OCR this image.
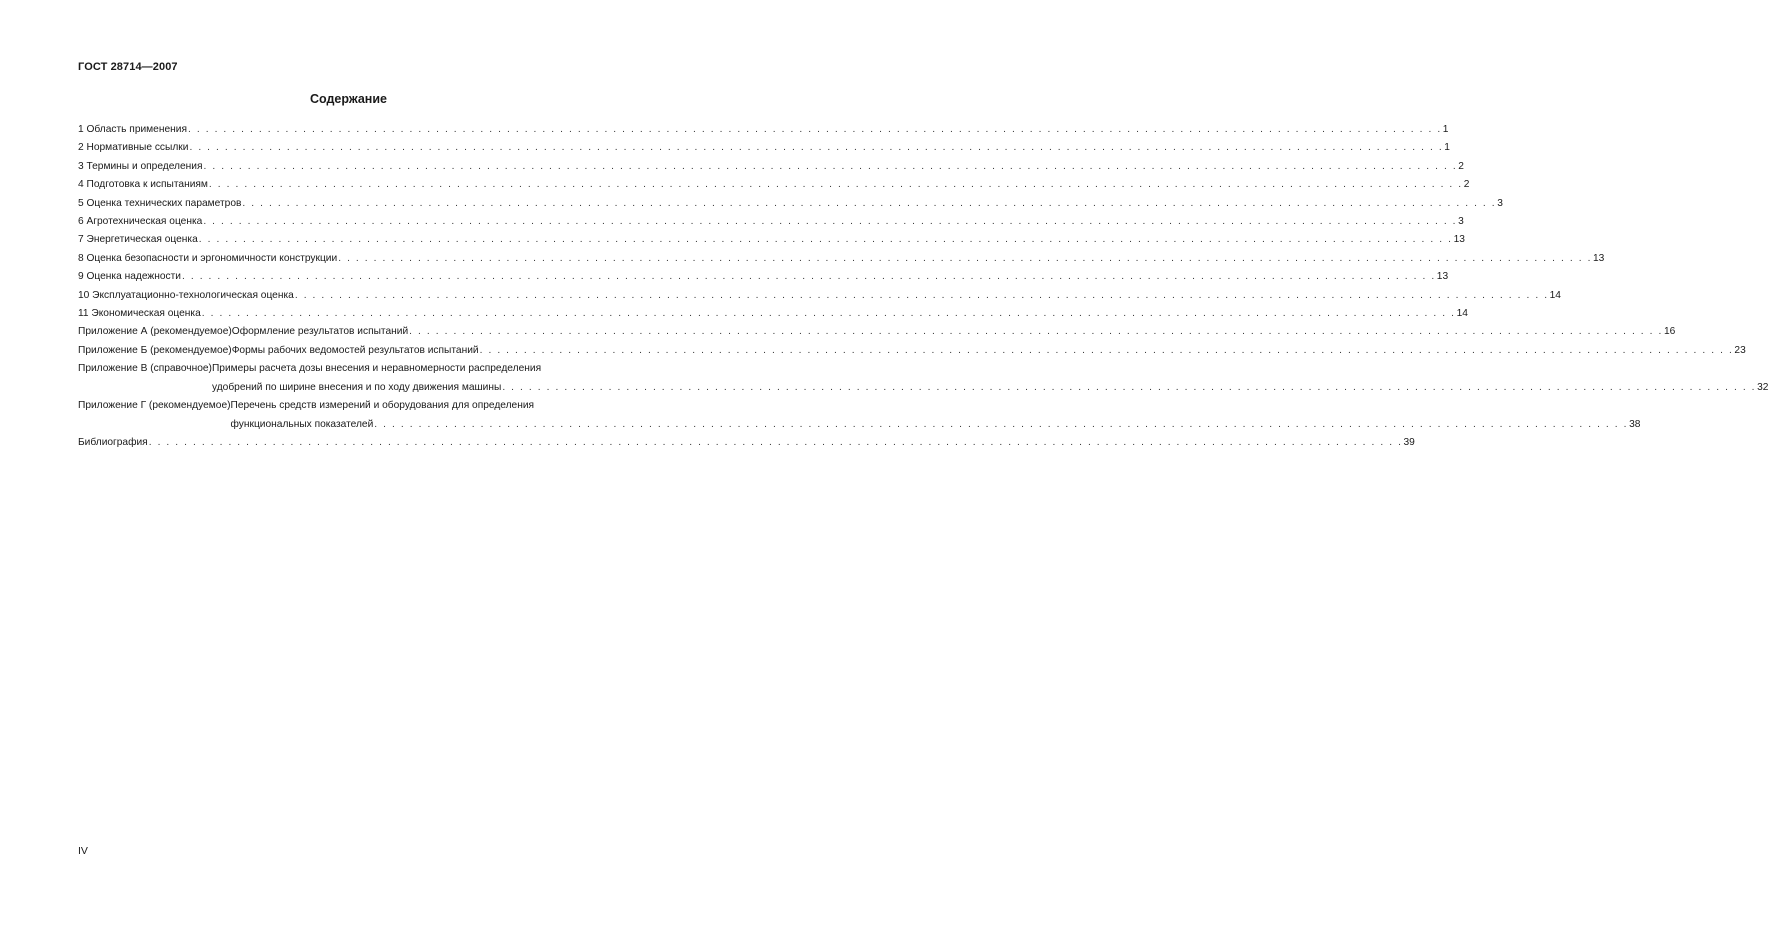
ГОСТ 28714—2007
Содержание
1 Область применения . . .	1
2 Нормативные ссылки . . .	1
3 Термины и определения . . .	2
4 Подготовка к испытаниям . . .	2
5 Оценка технических параметров . . .	3
6 Агротехническая оценка . . .	3
7 Энергетическая оценка . . .	13
8 Оценка безопасности и эргономичности конструкции . . .	13
9 Оценка надежности . . .	13
10 Эксплуатационно-технологическая оценка . . .	14
11 Экономическая оценка . . .	14
Приложение А (рекомендуемое) Оформление результатов испытаний . . .	16
Приложение Б (рекомендуемое) Формы рабочих ведомостей результатов испытаний . . .	23
Приложение В (справочное) Примеры расчета дозы внесения и неравномерности распределения
удобрений по ширине внесения и по ходу движения машины . . .	32
Приложение Г (рекомендуемое) Перечень средств измерений и оборудования для определения
функциональных показателей . . .	38
Библиография . . .	39
IV
